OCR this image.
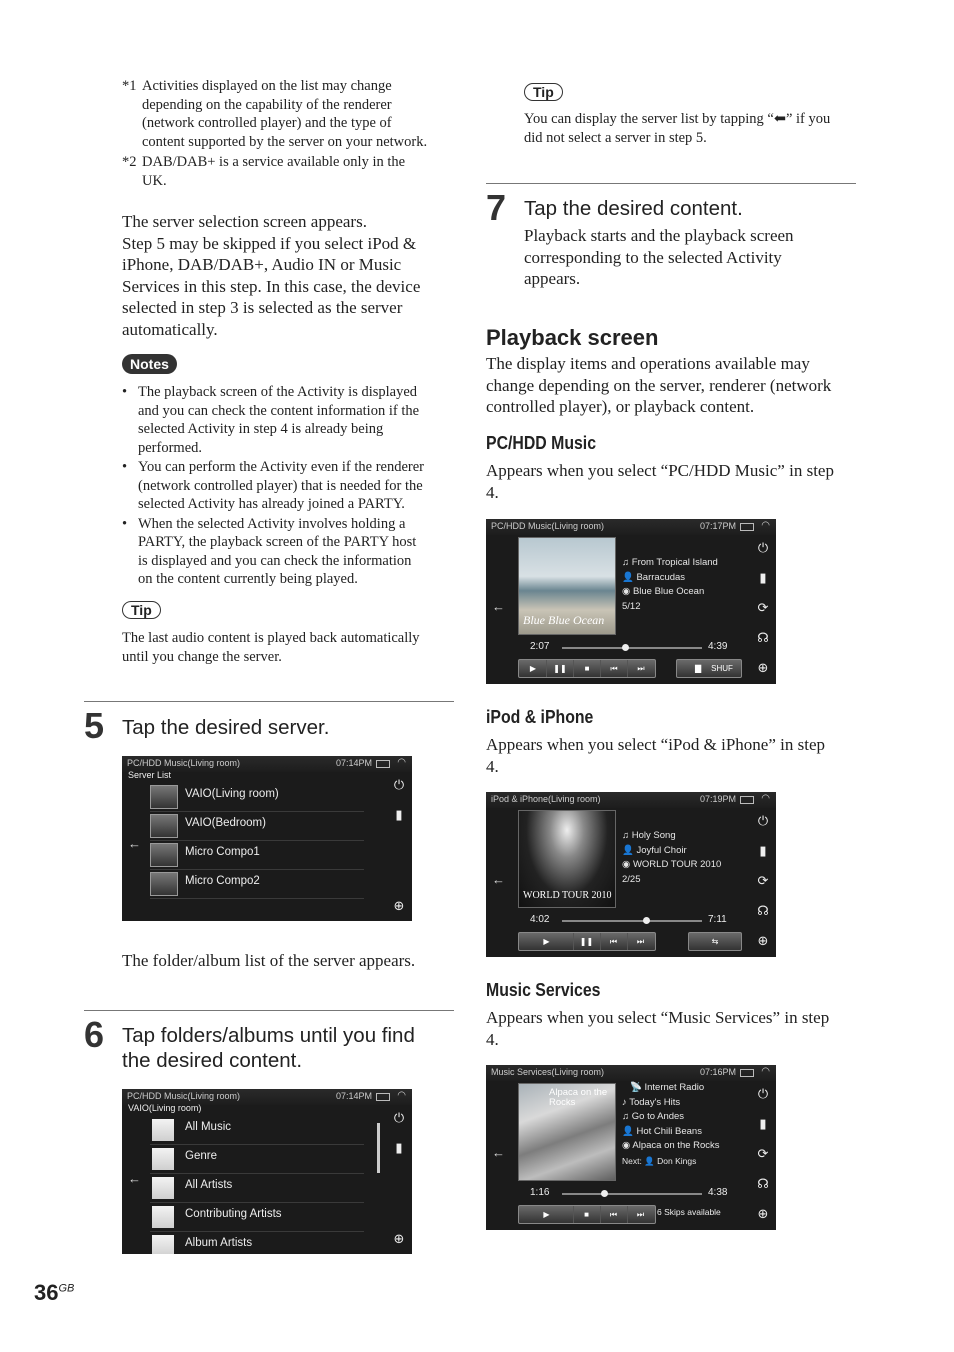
*1 Activities displayed on the list may change
depending on the capability of the renderer
(network controlled player) and the type of
content supported by the server on your network.
*2 DAB/DAB+ is a service available only in the
UK.
The server selection screen appears.
Step 5 may be skipped if you select iPod &
iPhone, DAB/DAB+, Audio IN or Music
Services in this step. In this case, the device
selected in step 3 is selected as the server
automatically.
Notes
• The playback screen of the Activity is displayed
and you can check the content information if the
selected Activity in step 4 is already being
performed.
• You can perform the Activity even if the renderer
(network controlled player) that is needed for the
selected Activity has already joined a PARTY.
• When the selected Activity involves holding a
PARTY, the playback screen of the PARTY host
is displayed and you can check the information
on the content currently being played.
Tip
The last audio content is played back automatically
until you change the server.
5 Tap the desired server.
PC/HDD Music(Living room)	07:14PM	◠
Server List
VAIO(Living room)
VAIO(Bedroom)
Micro Compo1
Micro Compo2
←
⏻
▮
⊕
The folder/album list of the server appears.
6 Tap folders/albums until you find
the desired content.
PC/HDD Music(Living room)	07:14PM	◠
VAIO(Living room)
All Music
Genre
All Artists
Contributing Artists
Album Artists
←
⏻
▮
⊕
Tip
You can display the server list by tapping “⬅” if you
did not select a server in step 5.
7 Tap the desired content.
Playback starts and the playback screen
corresponding to the selected Activity
appears.
Playback screen
The display items and operations available may
change depending on the server, renderer (network
controlled player), or playback content.
PC/HDD Music
Appears when you select “PC/HDD Music” in step
4.
PC/HDD Music(Living room)	07:17PM	◠
Blue Blue Ocean
♫ From Tropical Island
👤 Barracudas
◉ Blue Blue Ocean
5/12
2:07	4:39
▶ ❚❚ ■	⏮ ⏭	▇ SHUF
←
⏻
▮
⟳
☊
⊕
iPod & iPhone
Appears when you select “iPod & iPhone” in step
4.
iPod & iPhone(Living room)	07:19PM	◠
WORLD TOUR 2010
♫ Holy Song
👤 Joyful Choir
◉ WORLD TOUR 2010
2/25
4:02	7:11
▶	❚❚ ⏮ ⏭	⇆
←
⏻
▮
⟳
☊
⊕
Music Services
Appears when you select “Music Services” in step
4.
Music Services(Living room)	07:16PM	◠
Alpaca on the Rocks
📡 Internet Radio
♪ Today's Hits
♫ Go to Andes
👤 Hot Chili Beans
◉ Alpaca on the Rocks
Next: 👤 Don Kings
1:16	4:38
▶	■	⏮ ⏭	6 Skips available
←
⏻
▮
⟳
☊
⊕
$36^{GB}$
